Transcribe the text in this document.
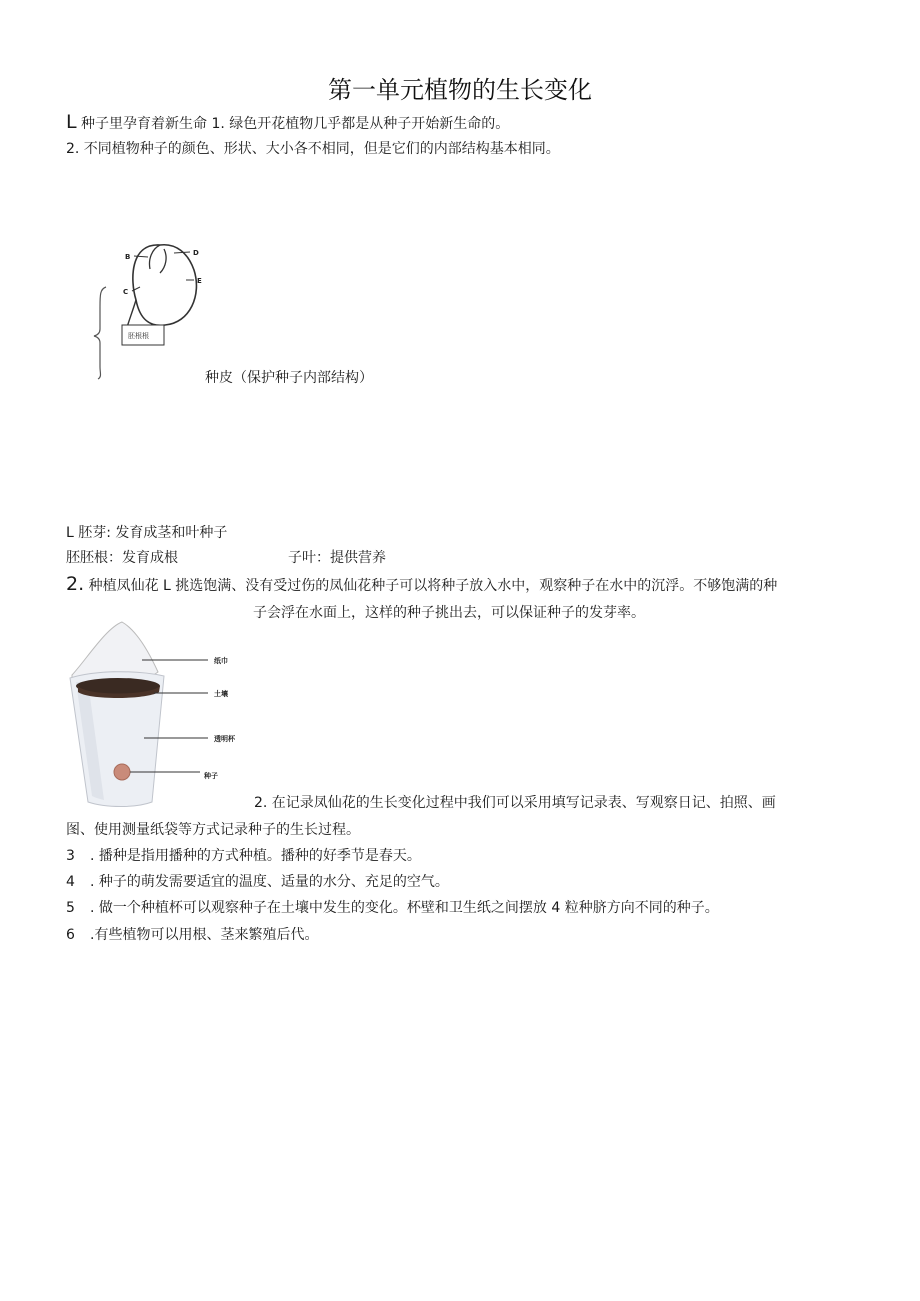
第一单元植物的生长变化
L 种子里孕育着新生命 1. 绿色开花植物几乎都是从种子开始新生命的。
2. 不同植物种子的颜色、形状、大小各不相同，但是它们的内部结构基本相同。
B	D
C
E
胚根根
种皮（保护种子内部结构）
L 胚芽: 发育成茎和叶种子
胚胚根：发育成根	子叶：提供营养
2. 种植凤仙花 L 挑选饱满、没有受过伤的凤仙花种子可以将种子放入水中，观察种子在水中的沉浮。不够饱满的种
子会浮在水面上，这样的种子挑出去，可以保证种子的发芽率。
纸巾
土壤
透明杯
种子
2. 在记录凤仙花的生长变化过程中我们可以采用填写记录表、写观察日记、拍照、画
图、使用测量纸袋等方式记录种子的生长过程。
3 . 播种是指用播种的方式种植。播种的好季节是春天。
4 . 种子的萌发需要适宜的温度、适量的水分、充足的空气。
5 . 做一个种植杯可以观察种子在土壤中发生的变化。杯壁和卫生纸之间摆放 4 粒种脐方向不同的种子。
6 .有些植物可以用根、茎来繁殖后代。
